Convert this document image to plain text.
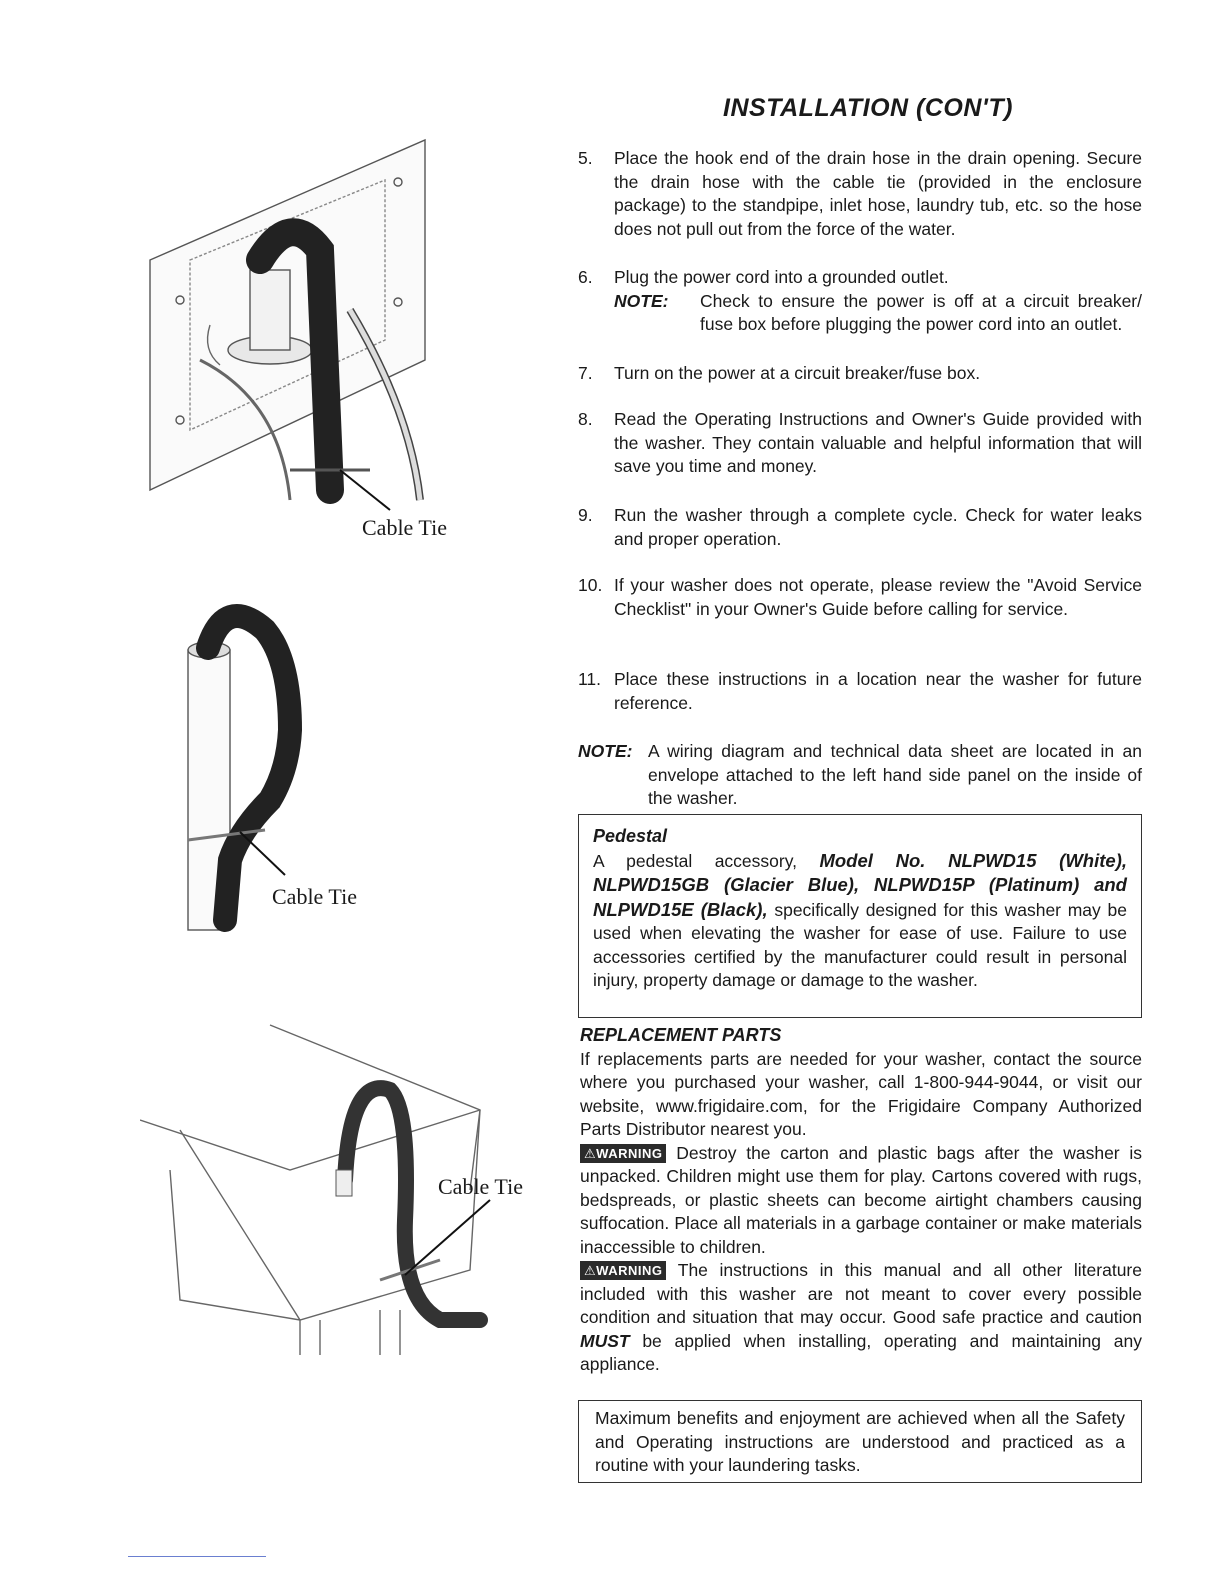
INSTALLATION (CON'T)
5.	Place the hook end of the drain hose in the drain opening. Secure the drain hose with the cable tie (provided in the enclosure package) to the standpipe, inlet hose, laundry tub, etc. so the hose does not pull out from the force of the water.
6.	Plug the power cord into a grounded outlet.
NOTE:	Check to ensure the power is off at a circuit breaker/ fuse box before plugging the power cord into an outlet.
7.	Turn on the power at a circuit breaker/fuse box.
8.	Read the Operating Instructions and Owner's Guide provided with the washer. They contain valuable and helpful information that will save you time and money.
9.	Run the washer through a complete cycle. Check for water leaks and proper operation.
10. If your washer does not operate, please review the "Avoid Service Checklist" in your Owner's Guide before calling for service.
11. Place these instructions in a location near the washer for future reference.
NOTE: A wiring diagram and technical data sheet are located in an envelope attached to the left hand side panel on the inside of the washer.
Pedestal
A pedestal accessory, Model No. NLPWD15 (White), NLPWD15GB (Glacier Blue), NLPWD15P (Platinum) and NLPWD15E (Black), specifically designed for this washer may be used when elevating the washer for ease of use. Failure to use accessories certified by the manufacturer could result in personal injury, property damage or damage to the washer.
REPLACEMENT PARTS
If replacements parts are needed for your washer, contact the source where you purchased your washer, call 1-800-944-9044, or visit our website, www.frigidaire.com, for the Frigidaire Company Authorized Parts Distributor nearest you.
⚠WARNING Destroy the carton and plastic bags after the washer is unpacked. Children might use them for play. Cartons covered with rugs, bedspreads, or plastic sheets can become airtight chambers causing suffocation. Place all materials in a garbage container or make materials inaccessible to children.
⚠WARNING The instructions in this manual and all other literature included with this washer are not meant to cover every possible condition and situation that may occur. Good safe practice and caution MUST be applied when installing, operating and maintaining any appliance.
Maximum benefits and enjoyment are achieved when all the Safety and Operating instructions are understood and practiced as a routine with your laundering tasks.
Cable Tie
Cable Tie
Cable Tie
